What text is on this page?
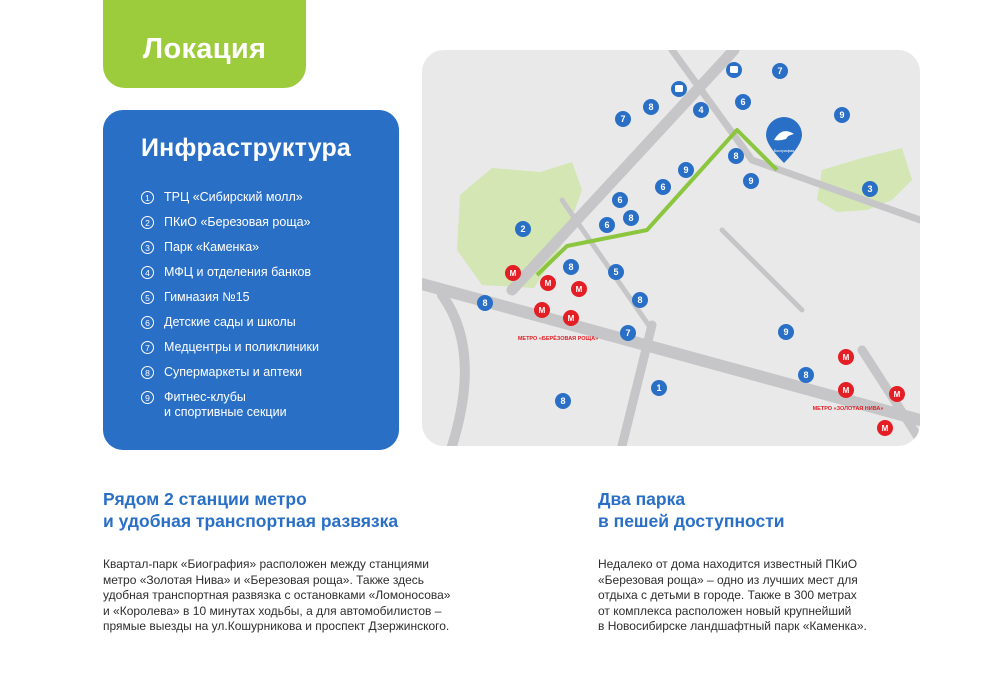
Локация
Инфраструктура
1	ТРЦ «Сибирский молл»
2	ПКиО «Березовая роща»
3	Парк «Каменка»
4	МФЦ и отделения банков
5	Гимназия №15
6	Детские сады и школы
7	Медцентры и поликлиники
8	Супермаркеты и аптеки
9	Фитнес-клубы
и спортивные секции
7
8	4
6
9
7
8
9
6
6
8
2	6
8	5
8	8
7
1
8
9
8
9
3
М
М
М
М
М
М
М	М
М
МЕТРО «БЕРЁЗОВАЯ РОЩА»
МЕТРО «ЗОЛОТАЯ НИВА»
Биография
Рядом 2 станции метро
и удобная транспортная развязка

Квартал-парк «Биография» расположен между станциями
метро «Золотая Нива» и «Березовая роща». Также здесь
удобная транспортная развязка с остановками «Ломоносова»
и «Королева» в 10 минутах ходьбы, а для автомобилистов –
прямые выезды на ул.Кошурникова и проспект Дзержинского.

Два парка
в пешей доступности

Недалеко от дома находится известный ПКиО
«Березовая роща» – одно из лучших мест для
отдыха с детьми в городе. Также в 300 метрах
от комплекса расположен новый крупнейший
в Новосибирске ландшафтный парк «Каменка».
